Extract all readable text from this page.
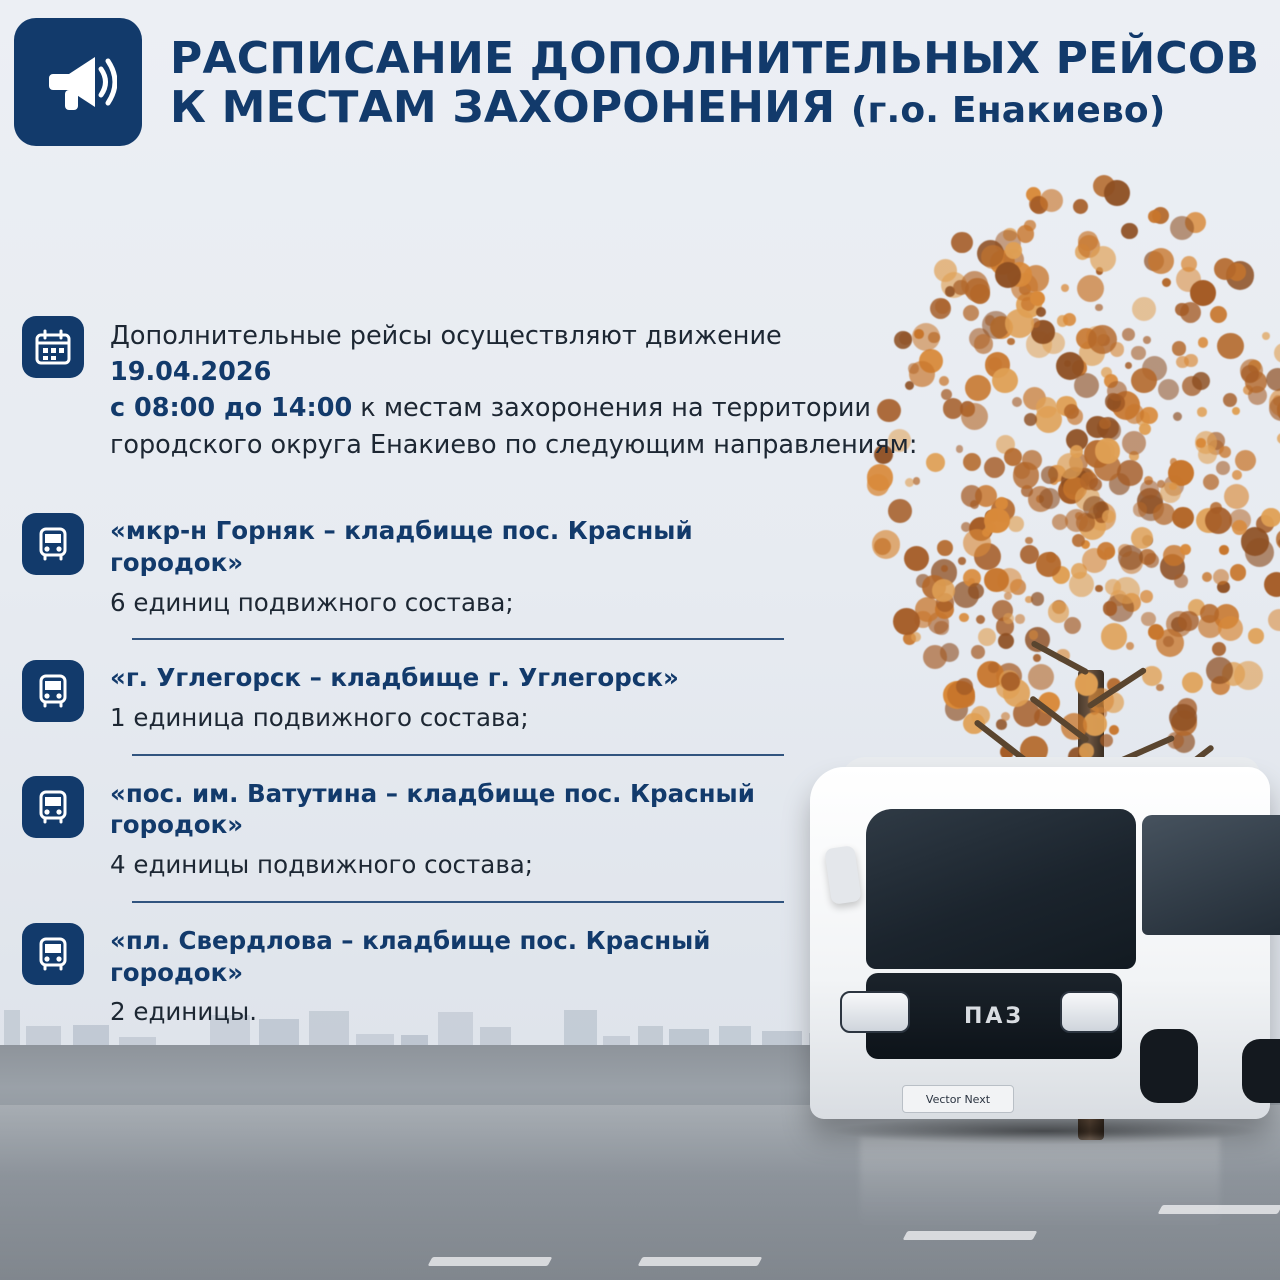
РАСПИСАНИЕ ДОПОЛНИТЕЛЬНЫХ РЕЙСОВ
К МЕСТАМ ЗАХОРОНЕНИЯ (г.о. Енакиево)
Дополнительные рейсы осуществляют движение 19.04.2026
с 08:00 до 14:00 к местам захоронения на территории городского округа Енакиево по следующим направлениям:
«мкр-н Горняк – кладбище пос. Красный городок»
6 единиц подвижного состава;
«г. Углегорск – кладбище г. Углегорск»
1 единица подвижного состава;
«пос. им. Ватутина – кладбище пос. Красный городок»
4 единицы подвижного состава;
«пл. Свердлова – кладбище пос. Красный городок»
2 единицы.	ПАЗ
Vector Next
